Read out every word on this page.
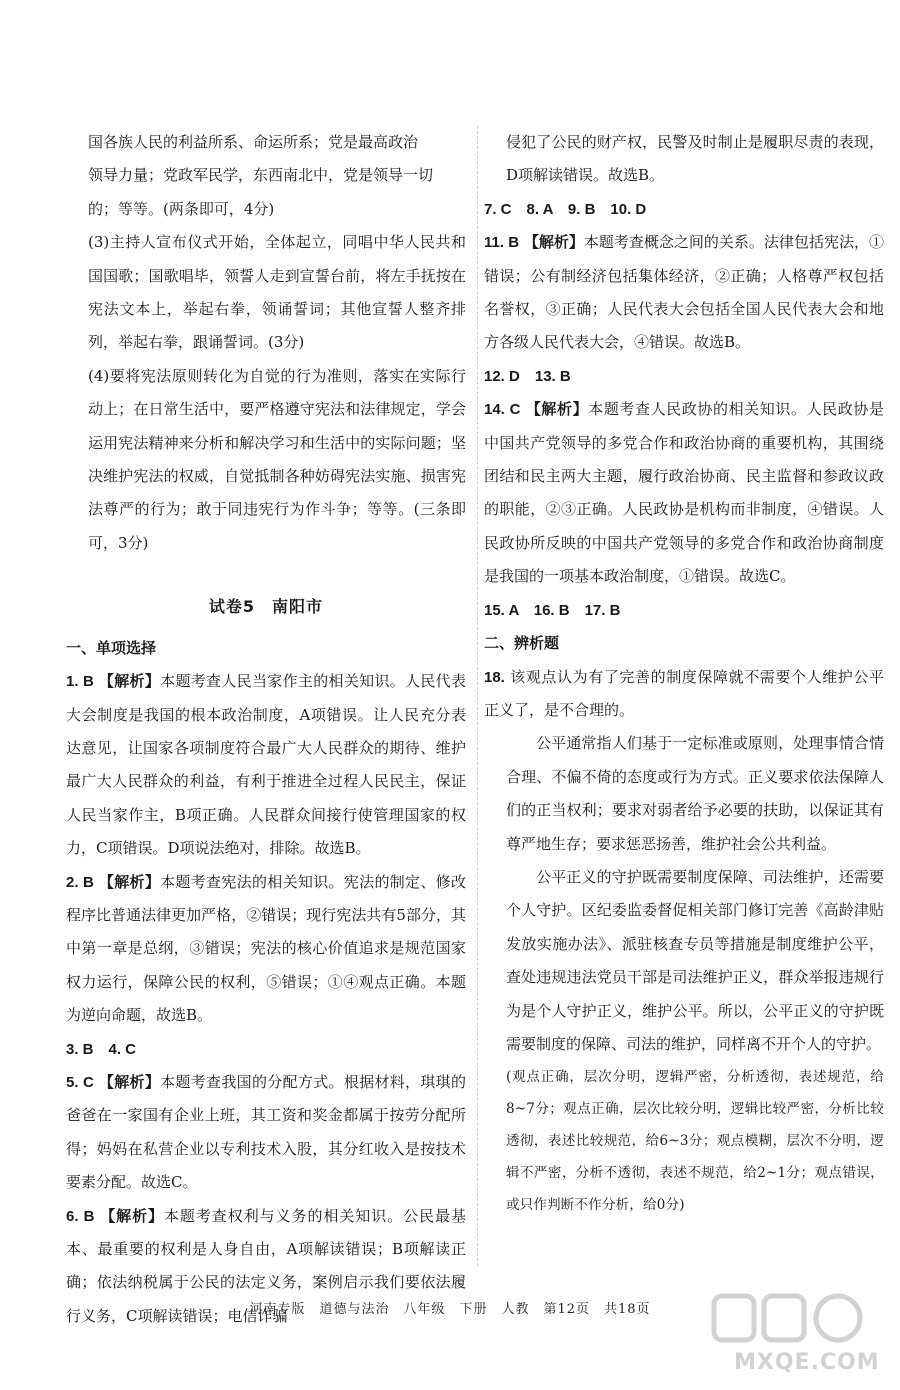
国各族人民的利益所系、命运所系；党是最高政治

领导力量；党政军民学，东西南北中，党是领导一切

的；等等。(两条即可，4分)

(3)主持人宣布仪式开始，全体起立，同唱中华人民共和国国歌；国歌唱毕，领誓人走到宣誓台前，将左手抚按在宪法文本上，举起右拳，领诵誓词；其他宣誓人整齐排列，举起右拳，跟诵誓词。(3分)

(4)要将宪法原则转化为自觉的行为准则，落实在实际行动上；在日常生活中，要严格遵守宪法和法律规定，学会运用宪法精神来分析和解决学习和生活中的实际问题；坚决维护宪法的权威，自觉抵制各种妨碍宪法实施、损害宪法尊严的行为；敢于同违宪行为作斗争；等等。(三条即可，3分)

试卷5　南阳市

一、单项选择

1. B 【解析】本题考查人民当家作主的相关知识。人民代表大会制度是我国的根本政治制度，A项错误。让人民充分表达意见，让国家各项制度符合最广大人民群众的期待、维护最广大人民群众的利益，有利于推进全过程人民民主，保证人民当家作主，B项正确。人民群众间接行使管理国家的权力，C项错误。D项说法绝对，排除。故选B。

2. B 【解析】本题考查宪法的相关知识。宪法的制定、修改程序比普通法律更加严格，②错误；现行宪法共有5部分，其中第一章是总纲，③错误；宪法的核心价值追求是规范国家权力运行，保障公民的权利，⑤错误；①④观点正确。本题为逆向命题，故选B。

3. B　4. C

5. C 【解析】本题考查我国的分配方式。根据材料，琪琪的爸爸在一家国有企业上班，其工资和奖金都属于按劳分配所得；妈妈在私营企业以专利技术入股，其分红收入是按技术要素分配。故选C。

6. B 【解析】本题考查权利与义务的相关知识。公民最基本、最重要的权利是人身自由，A项解读错误；B项解读正确；依法纳税属于公民的法定义务，案例启示我们要依法履行义务，C项解读错误；电信诈骗

侵犯了公民的财产权，民警及时制止是履职尽责的表现，D项解读错误。故选B。

7. C　8. A　9. B　10. D

11. B 【解析】本题考查概念之间的关系。法律包括宪法，①错误；公有制经济包括集体经济，②正确；人格尊严权包括名誉权，③正确；人民代表大会包括全国人民代表大会和地方各级人民代表大会，④错误。故选B。

12. D　13. B

14. C 【解析】本题考查人民政协的相关知识。人民政协是中国共产党领导的多党合作和政治协商的重要机构，其围绕团结和民主两大主题，履行政治协商、民主监督和参政议政的职能，②③正确。人民政协是机构而非制度，④错误。人民政协所反映的中国共产党领导的多党合作和政治协商制度是我国的一项基本政治制度，①错误。故选C。

15. A　16. B　17. B

二、辨析题

18. 该观点认为有了完善的制度保障就不需要个人维护公平正义了，是不合理的。

公平通常指人们基于一定标准或原则，处理事情合情合理、不偏不倚的态度或行为方式。正义要求依法保障人们的正当权利；要求对弱者给予必要的扶助，以保证其有尊严地生存；要求惩恶扬善，维护社会公共利益。

公平正义的守护既需要制度保障、司法维护，还需要个人守护。区纪委监委督促相关部门修订完善《高龄津贴发放实施办法》、派驻核查专员等措施是制度维护公平，查处违规违法党员干部是司法维护正义，群众举报违规行为是个人守护正义，维护公平。所以，公平正义的守护既需要制度的保障、司法的维护，同样离不开个人的守护。

(观点正确，层次分明，逻辑严密，分析透彻，表述规范，给8~7分；观点正确，层次比较分明，逻辑比较严密，分析比较透彻，表述比较规范，给6~3分；观点模糊，层次不分明，逻辑不严密，分析不透彻，表述不规范，给2~1分；观点错误，或只作判断不作分析，给0分)

河南专版　道德与法治　八年级　下册　人教　第12页　共18页
MXQE.COM
